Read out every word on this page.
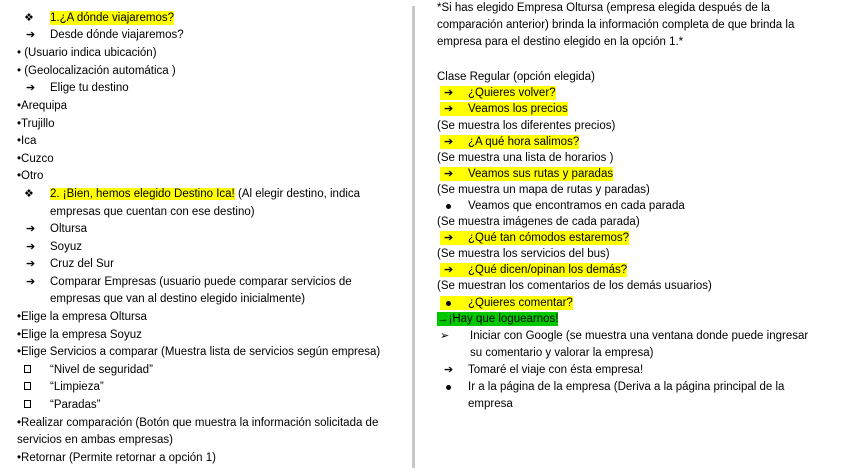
❖ 1.¿A dónde viajaremos?
➔ Desde dónde viajaremos?
• (Usuario indica ubicación)
• (Geolocalización automática )
➔ Elige tu destino
•Arequipa
•Trujillo
•Ica
•Cuzco
•Otro
❖ 2. ¡Bien, hemos elegido Destino Ica! (Al elegir destino, indica
empresas que cuentan con ese destino)
➔ Oltursa
➔ Soyuz
➔ Cruz del Sur
➔ Comparar Empresas (usuario puede comparar servicios de
empresas que van al destino elegido inicialmente)
•Elige la empresa Oltursa
•Elige la empresa Soyuz
•Elige Servicios a comparar (Muestra lista de servicios según empresa)
“Nivel de seguridad”
“Limpieza”
“Paradas”
•Realizar comparación (Botón que muestra la información solicitada de
servicios en ambas empresas)
•Retornar (Permite retornar a opción 1)
*Si has elegido Empresa Oltursa (empresa elegida después de la
comparación anterior) brinda la información completa de que brinda la
empresa para el destino elegido en la opción 1.*
Clase Regular (opción elegida)
➔	¿Quieres volver?
➔	Veamos los precios
(Se muestra los diferentes precios)
➔	¿A qué hora salimos?
(Se muestra una lista de horarios )
➔	Veamos sus rutas y paradas
(Se muestra un mapa de rutas y paradas)
Veamos que encontramos en cada parada
(Se muestra imágenes de cada parada)
➔	¿Qué tan cómodos estaremos?
(Se muestra los servicios del bus)
➔	¿Qué dicen/opinan los demás?
(Se muestran los comentarios de los demás usuarios)
¿Quieres comentar?
→¡Hay que loguearnos!
➢ Iniciar con Google (se muestra una ventana donde puede ingresar
su comentario y valorar la empresa)
➔ Tomaré el viaje con ésta empresa!
Ir a la página de la empresa (Deriva a la página principal de la
empresa
